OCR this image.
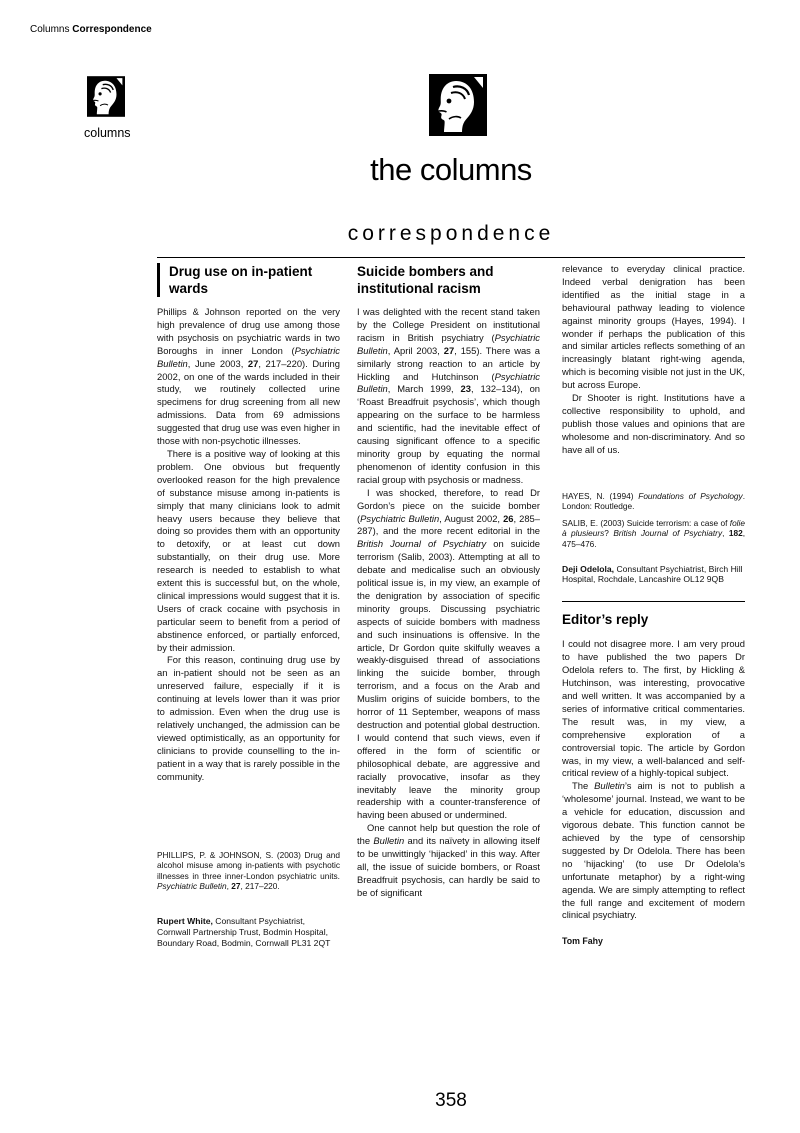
Columns Correspondence
columns
the columns
correspondence
Drug use on in-patient wards

Phillips & Johnson reported on the very high prevalence of drug use among those with psychosis on psychiatric wards in two Boroughs in inner London (Psychiatric Bulletin, June 2003, 27, 217–220). During 2002, on one of the wards included in their study, we routinely collected urine specimens for drug screening from all new admissions. Data from 69 admissions suggested that drug use was even higher in those with non-psychotic illnesses.

There is a positive way of looking at this problem. One obvious but frequently overlooked reason for the high prevalence of substance misuse among in-patients is simply that many clinicians look to admit heavy users because they believe that doing so provides them with an opportunity to detoxify, or at least cut down substantially, on their drug use. More research is needed to establish to what extent this is successful but, on the whole, clinical impressions would suggest that it is. Users of crack cocaine with psychosis in particular seem to benefit from a period of abstinence enforced, or partially enforced, by their admission.

For this reason, continuing drug use by an in-patient should not be seen as an unreserved failure, especially if it is continuing at levels lower than it was prior to admission. Even when the drug use is relatively unchanged, the admission can be viewed optimistically, as an opportunity for clinicians to provide counselling to the in-patient in a way that is rarely possible in the community.

PHILLIPS, P. & JOHNSON, S. (2003) Drug and alcohol misuse among in-patients with psychotic illnesses in three inner-London psychiatric units. Psychiatric Bulletin, 27, 217–220.

Rupert White, Consultant Psychiatrist, Cornwall Partnership Trust, Bodmin Hospital, Boundary Road, Bodmin, Cornwall PL31 2QT

Suicide bombers and institutional racism

I was delighted with the recent stand taken by the College President on institutional racism in British psychiatry (Psychiatric Bulletin, April 2003, 27, 155). There was a similarly strong reaction to an article by Hickling and Hutchinson (Psychiatric Bulletin, March 1999, 23, 132–134), on ‘Roast Breadfruit psychosis’, which though appearing on the surface to be harmless and scientific, had the inevitable effect of causing significant offence to a specific minority group by equating the normal phenomenon of identity confusion in this racial group with psychosis or madness.

I was shocked, therefore, to read Dr Gordon’s piece on the suicide bomber (Psychiatric Bulletin, August 2002, 26, 285–287), and the more recent editorial in the British Journal of Psychiatry on suicide terrorism (Salib, 2003). Attempting at all to debate and medicalise such an obviously political issue is, in my view, an example of the denigration by association of specific minority groups. Discussing psychiatric aspects of suicide bombers with madness and such insinuations is offensive. In the article, Dr Gordon quite skilfully weaves a weakly-disguised thread of associations linking the suicide bomber, through terrorism, and a focus on the Arab and Muslim origins of suicide bombers, to the horror of 11 September, weapons of mass destruction and potential global destruction. I would contend that such views, even if offered in the form of scientific or philosophical debate, are aggressive and racially provocative, insofar as they inevitably leave the minority group readership with a counter-transference of having been abused or undermined.

One cannot help but question the role of the Bulletin and its naïvety in allowing itself to be unwittingly ‘hijacked’ in this way. After all, the issue of suicide bombers, or Roast Breadfruit psychosis, can hardly be said to be of significant

relevance to everyday clinical practice. Indeed verbal denigration has been identified as the initial stage in a behavioural pathway leading to violence against minority groups (Hayes, 1994). I wonder if perhaps the publication of this and similar articles reflects something of an increasingly blatant right-wing agenda, which is becoming visible not just in the UK, but across Europe.

Dr Shooter is right. Institutions have a collective responsibility to uphold, and publish those values and opinions that are wholesome and non-discriminatory. And so have all of us.

HAYES, N. (1994) Foundations of Psychology. London: Routledge.

SALIB, E. (2003) Suicide terrorism: a case of folie à plusieurs? British Journal of Psychiatry, 182, 475–476.

Deji Odelola, Consultant Psychiatrist, Birch Hill Hospital, Rochdale, Lancashire OL12 9QB

Editor’s reply

I could not disagree more. I am very proud to have published the two papers Dr Odelola refers to. The first, by Hickling & Hutchinson, was interesting, provocative and well written. It was accompanied by a series of informative critical commentaries. The result was, in my view, a comprehensive exploration of a controversial topic. The article by Gordon was, in my view, a well-balanced and self-critical review of a highly-topical subject.

The Bulletin’s aim is not to publish a ‘wholesome’ journal. Instead, we want to be a vehicle for education, discussion and vigorous debate. This function cannot be achieved by the type of censorship suggested by Dr Odelola. There has been no ‘hijacking’ (to use Dr Odelola’s unfortunate metaphor) by a right-wing agenda. We are simply attempting to reflect the full range and excitement of modern clinical psychiatry.

Tom Fahy

358
